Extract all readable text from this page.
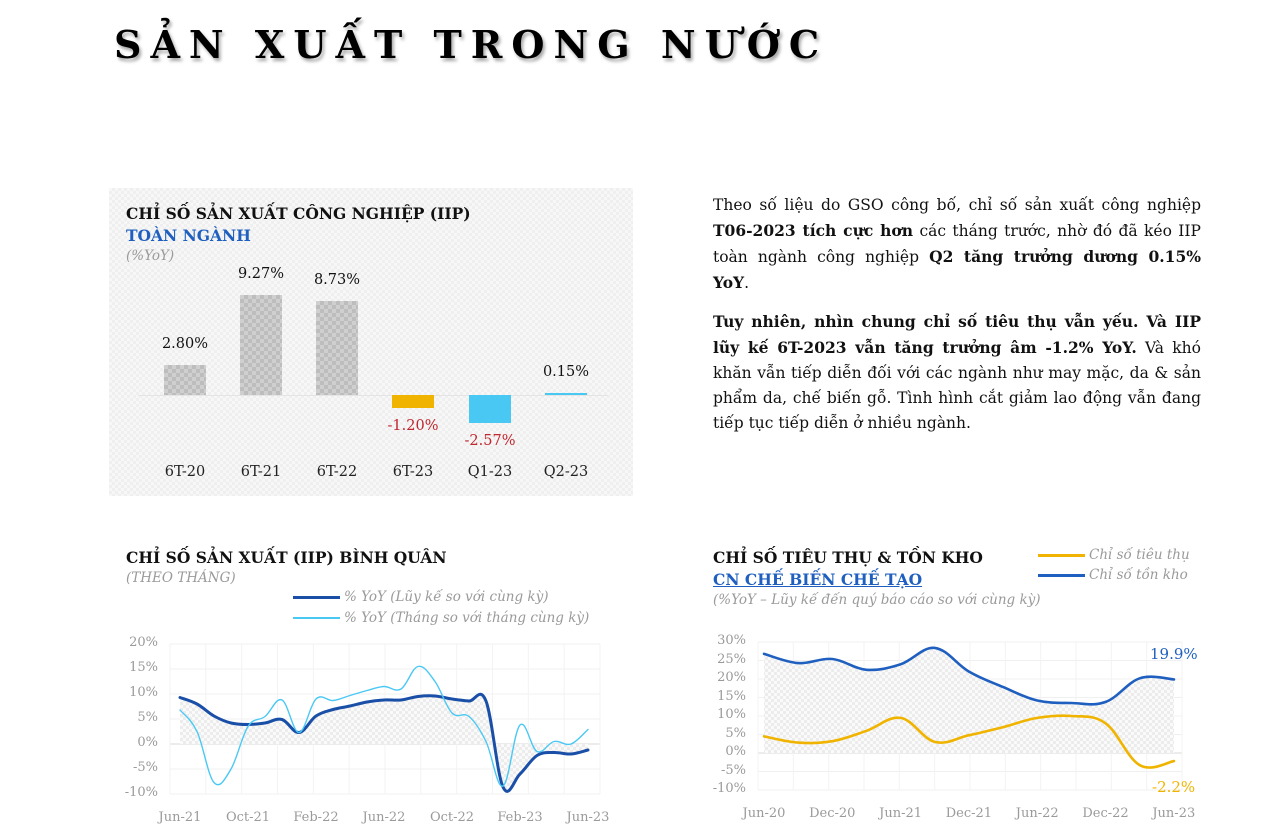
SẢN XUẤT TRONG NƯỚC
CHỈ SỐ SẢN XUẤT CÔNG NGHIỆP (IIP)
TOÀN NGÀNH
(%YoY)
2.80%
6T-20
9.27%
6T-21
8.73%
6T-22
-1.20%
6T-23
-2.57%
Q1-23
0.15%
Q2-23

Theo số liệu do GSO công bố, chỉ số sản xuất công nghiệp T06-2023 tích cực hơn các tháng trước, nhờ đó đã kéo IIP toàn ngành công nghiệp Q2 tăng trưởng dương 0.15% YoY.

Tuy nhiên, nhìn chung chỉ số tiêu thụ vẫn yếu. Và IIP lũy kế 6T-2023 vẫn tăng trưởng âm -1.2% YoY. Và khó khăn vẫn tiếp diễn đối với các ngành như may mặc, da & sản phẩm da, chế biến gỗ. Tình hình cắt giảm lao động vẫn đang tiếp tục tiếp diễn ở nhiều ngành.

CHỈ SỐ SẢN XUẤT (IIP) BÌNH QUÂN
(THEO THÁNG)
% YoY (Lũy kế so với cùng kỳ)
% YoY (Tháng so với tháng cùng kỳ)
20%
15%
10%
5%
0%
-5%
-10%
Jun-21	Oct-21	Feb-22	Jun-22	Oct-22	Feb-23	Jun-23
CHỈ SỐ TIÊU THỤ & TỒN KHO
CN CHẾ BIẾN CHẾ TẠO
(%YoY – Lũy kế đến quý báo cáo so với cùng kỳ)
Chỉ số tiêu thụ
Chỉ số tồn kho
30%
25%
20%
15%
10%
5%
0%
-5%
-10%
Jun-20	Dec-20	Jun-21	Dec-21	Jun-22	Dec-22	Jun-23
19.9%
-2.2%
